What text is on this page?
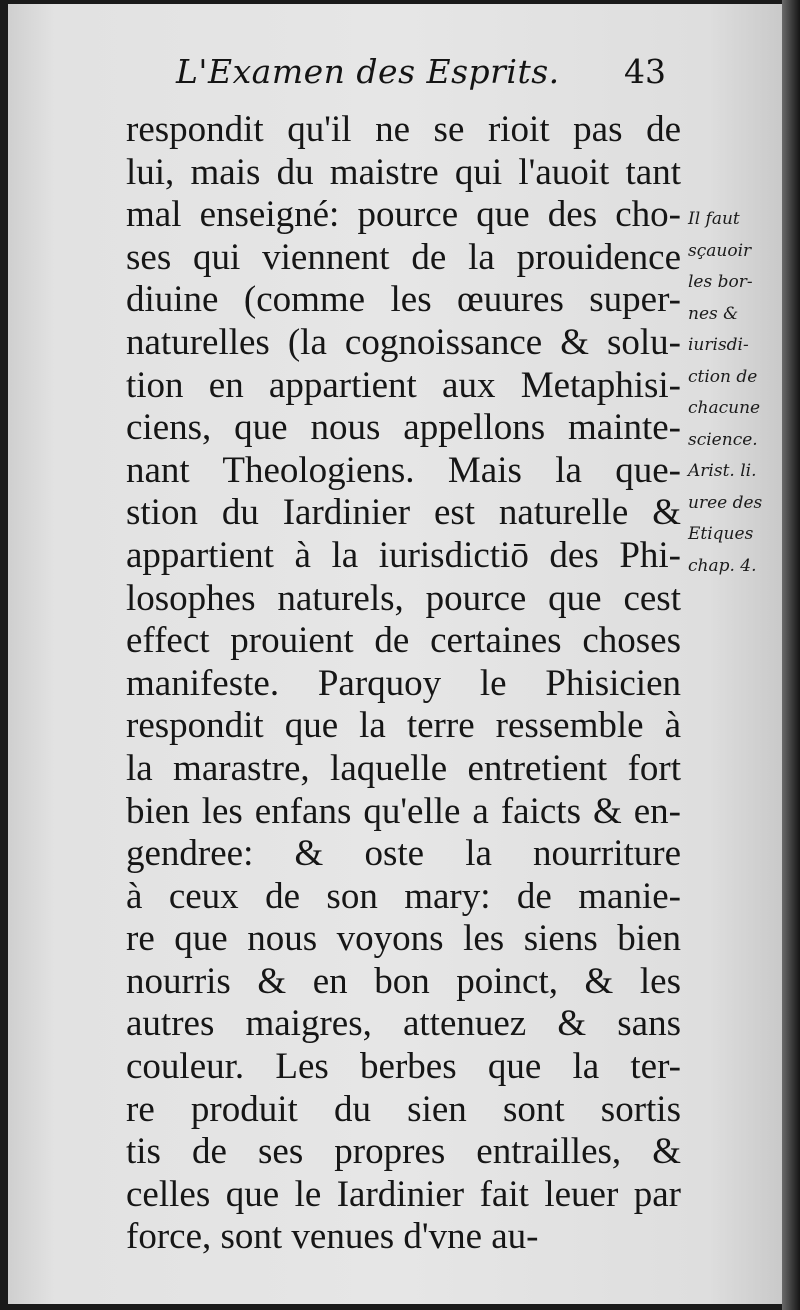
L'Examen des Esprits. 43
respondit qu'il ne se rioit pas de
lui, mais du maistre qui l'auoit tant
mal enseigné: pource que des cho-
ses qui viennent de la prouidence
diuine (comme les œuures super-
naturelles (la cognoissance & solu-
tion en appartient aux Metaphisi-
ciens, que nous appellons mainte-
nant Theologiens. Mais la que-
stion du Iardinier est naturelle &
appartient à la iurisdictiō des Phi-
losophes naturels, pource que cest
effect prouient de certaines choses
manifeste. Parquoy le Phisicien
respondit que la terre ressemble à
la marastre, laquelle entretient fort
bien les enfans qu'elle a faicts & en-
gendree: & oste la nourriture
à ceux de son mary: de manie-
re que nous voyons les siens bien
nourris & en bon poinct, & les
autres maigres, attenuez & sans
couleur. Les berbes que la ter-
re produit du sien sont sortis
tis de ses propres entrailles, &
celles que le Iardinier fait leuer par
force, sont venues d'vne au-
Il faut
sçauoir
les bor-
nes &
iurisdi-
ction de
chacune
science.
Arist. li.
uree des
Etiques
chap. 4.
